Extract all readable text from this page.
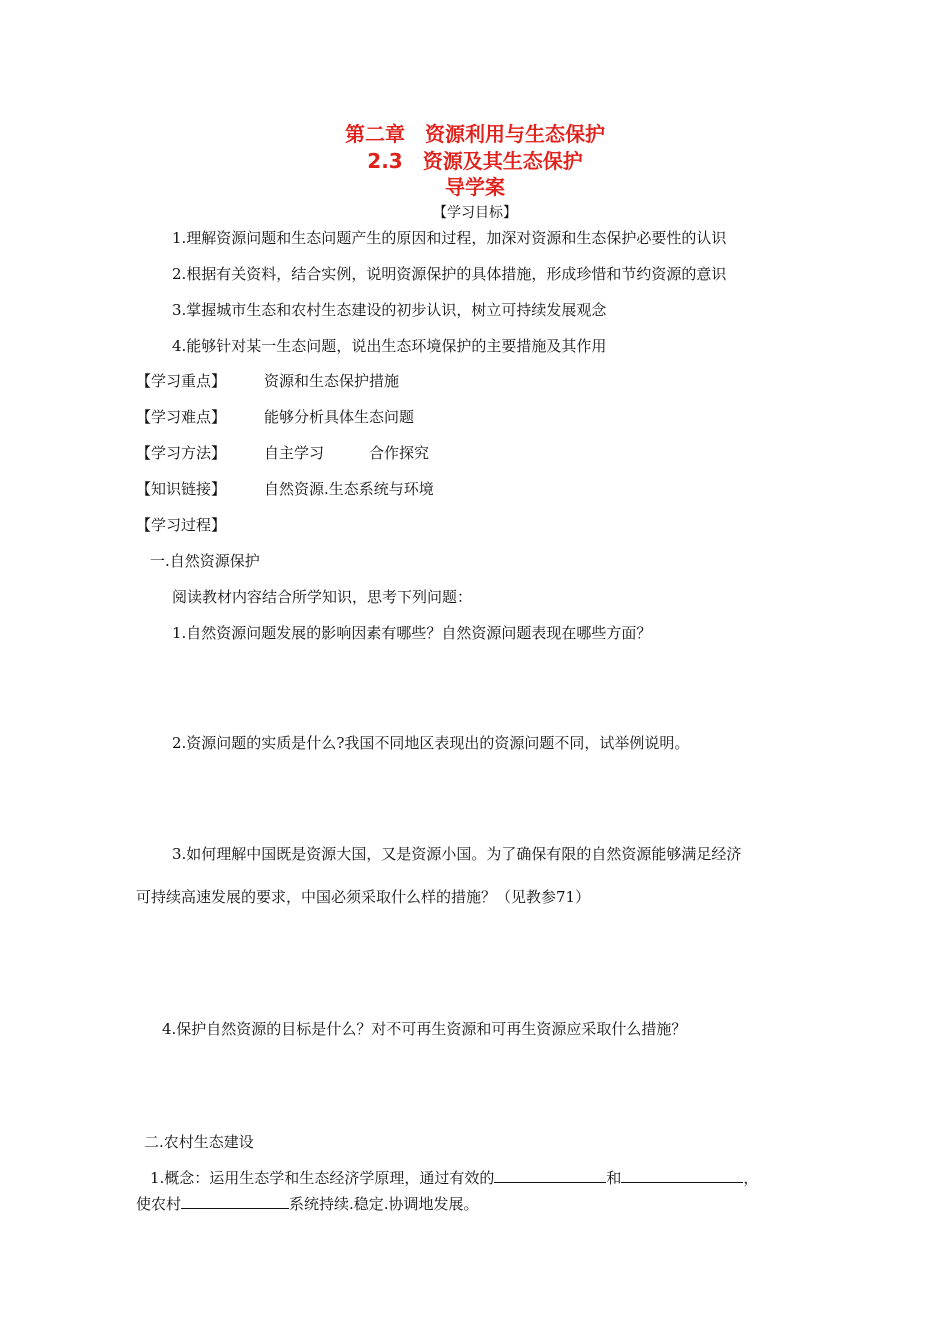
第二章　资源利用与生态保护
2.3　资源及其生态保护
导学案
【学习目标】
1.理解资源问题和生态问题产生的原因和过程，加深对资源和生态保护必要性的认识
2.根据有关资料，结合实例，说明资源保护的具体措施，形成珍惜和节约资源的意识
3.掌握城市生态和农村生态建设的初步认识，树立可持续发展观念
4.能够针对某一生态问题，说出生态环境保护的主要措施及其作用
【学习重点】	资源和生态保护措施
【学习难点】	能够分析具体生态问题
【学习方法】	自主学习　　　合作探究
【知识链接】	自然资源.生态系统与环境
【学习过程】
一.自然资源保护
阅读教材内容结合所学知识，思考下列问题：
1.自然资源问题发展的影响因素有哪些？自然资源问题表现在哪些方面？
2.资源问题的实质是什么?我国不同地区表现出的资源问题不同，试举例说明。
3.如何理解中国既是资源大国，又是资源小国。为了确保有限的自然资源能够满足经济
可持续高速发展的要求，中国必须采取什么样的措施？（见教参71）
4.保护自然资源的目标是什么？对不可再生资源和可再生资源应采取什么措施？
二.农村生态建设
1.概念：运用生态学和生态经济学原理，通过有效的	和	，
使农村	系统持续.稳定.协调地发展。
